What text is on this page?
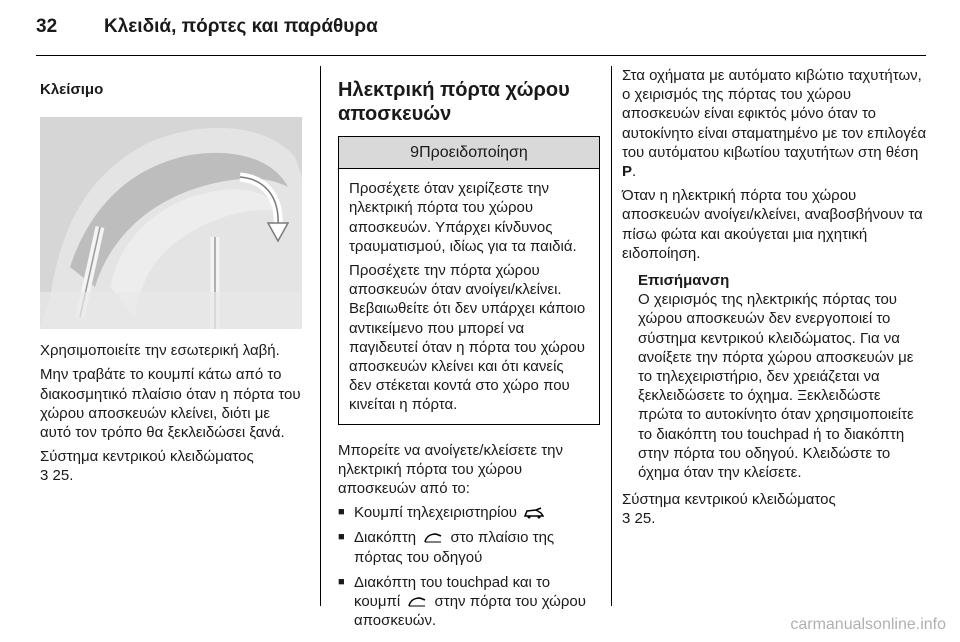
32 Κλειδιά, πόρτες και παράθυρα
Κλείσιμο

Χρησιμοποιείτε την εσωτερική λαβή.

Μην τραβάτε το κουμπί κάτω από το διακοσμητικό πλαίσιο όταν η πόρτα του χώρου αποσκευών κλείνει, διότι με αυτό τον τρόπο θα ξεκλειδώσει ξανά.

Σύστημα κεντρικού κλειδώματος
3 25.

Ηλεκτρική πόρτα χώρου αποσκευών
9Προειδοποίηση

Προσέχετε όταν χειρίζεστε την ηλεκτρική πόρτα του χώρου αποσκευών. Υπάρχει κίνδυνος τραυματισμού, ιδίως για τα παιδιά.

Προσέχετε την πόρτα χώρου αποσκευών όταν ανοίγει/κλείνει. Βεβαιωθείτε ότι δεν υπάρχει κάποιο αντικείμενο που μπορεί να παγιδευτεί όταν η πόρτα του χώρου αποσκευών κλείνει και ότι κανείς δεν στέκεται κοντά στο χώρο που κινείται η πόρτα.

Μπορείτε να ανοίγετε/κλείσετε την ηλεκτρική πόρτα του χώρου αποσκευών από το:

■ Κουμπί τηλεχειριστηρίου
■ Διακόπτη στο πλαίσιο της πόρτας του οδηγού
■ Διακόπτη του touchpad και το κουμπί στην πόρτα του χώρου αποσκευών.

Στα οχήματα με αυτόματο κιβώτιο ταχυτήτων, ο χειρισμός της πόρτας του χώρου αποσκευών είναι εφικτός μόνο όταν το αυτοκίνητο είναι σταματημένο με τον επιλογέα του αυτόματου κιβωτίου ταχυτήτων στη θέση P.

Όταν η ηλεκτρική πόρτα του χώρου αποσκευών ανοίγει/κλείνει, αναβοσβήνουν τα πίσω φώτα και ακούγεται μια ηχητική ειδοποίηση.

Επισήμανση
Ο χειρισμός της ηλεκτρικής πόρτας του χώρου αποσκευών δεν ενεργοποιεί το σύστημα κεντρικού κλειδώματος. Για να ανοίξετε την πόρτα χώρου αποσκευών με το τηλεχειριστήριο, δεν χρειάζεται να ξεκλειδώσετε το όχημα. Ξεκλειδώστε πρώτα το αυτοκίνητο όταν χρησιμοποιείτε το διακόπτη του touchpad ή το διακόπτη στην πόρτα του οδηγού. Κλειδώστε το όχημα όταν την κλείσετε.

Σύστημα κεντρικού κλειδώματος
3 25.

carmanualsonline.info
